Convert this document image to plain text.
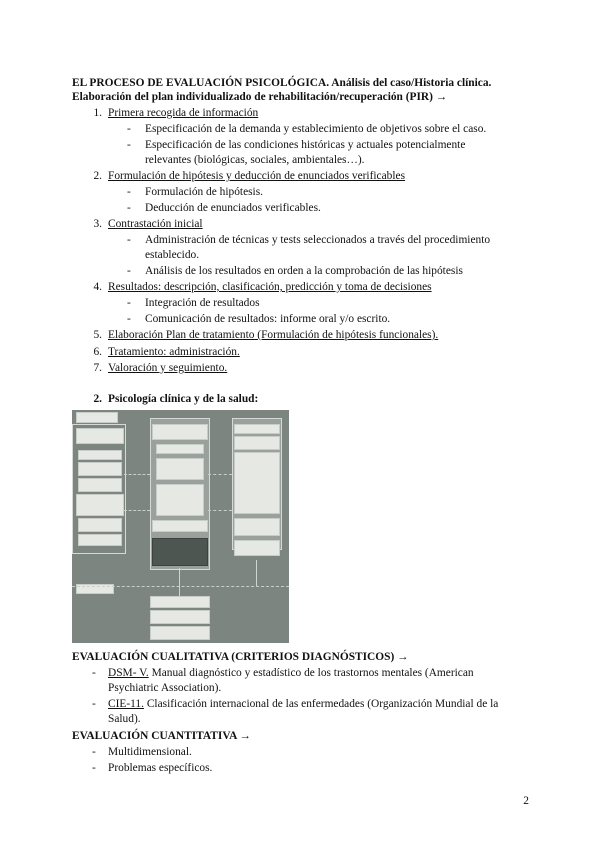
EL PROCESO DE EVALUACIÓN PSICOLÓGICA. Análisis del caso/Historia clínica.
Elaboración del plan individualizado de rehabilitación/recuperación (PIR) →
1. Primera recogida de información
- Especificación de la demanda y establecimiento de objetivos sobre el caso.
- Especificación de las condiciones históricas y actuales potencialmente
relevantes (biológicas, sociales, ambientales…).
2. Formulación de hipótesis y deducción de enunciados verificables
- Formulación de hipótesis.
- Deducción de enunciados verificables.
3. Contrastación inicial
- Administración de técnicas y tests seleccionados a través del procedimiento
establecido.
- Análisis de los resultados en orden a la comprobación de las hipótesis
4. Resultados: descripción, clasificación, predicción y toma de decisiones
- Integración de resultados
- Comunicación de resultados: informe oral y/o escrito.
5. Elaboración Plan de tratamiento (Formulación de hipótesis funcionales).
6. Tratamiento: administración.
7. Valoración y seguimiento.
2. Psicología clínica y de la salud:
EVALUACIÓN CUALITATIVA (CRITERIOS DIAGNÓSTICOS) →
- DSM- V. Manual diagnóstico y estadístico de los trastornos mentales (American
Psychiatric Association).
- CIE-11. Clasificación internacional de las enfermedades (Organización Mundial de la
Salud).
EVALUACIÓN CUANTITATIVA →
- Multidimensional.
- Problemas específicos.
2
